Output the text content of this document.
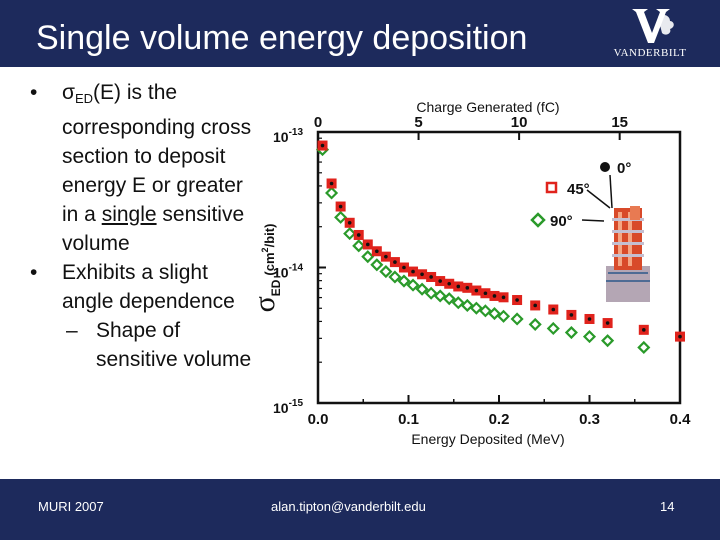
Single volume energy deposition	VANDERBILT
• $\sigma_{ED}(E)$ is the corresponding cross section to deposit energy E or greater in a single sensitive volume
• Exhibits a slight angle dependence
– Shape of sensitive volume
Charge Generated (fC)
0	5	10	15
0.0	0.1	0.2	0.3	0.4
$10^{-13}$
$10^{-14}$
$10^{-15}$
Energy Deposited (MeV)
$\sigma_{ED}^{(cm2}_{/bit)}$
0°
45°
90°
MURI 2007	alan.tipton@vanderbilt.edu	14
